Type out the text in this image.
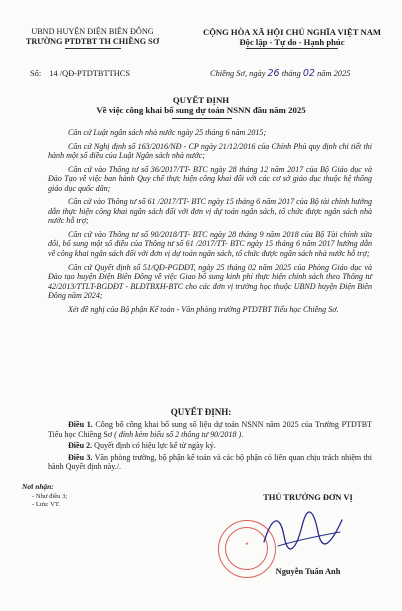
UBND HUYỆN ĐIỆN BIÊN ĐÔNG
TRƯỜNG PTDTBT TH CHIỀNG SƠ
Số: 14 /QĐ-PTDTBTTHCS
CỘNG HÒA XÃ HỘI CHỦ NGHĨA VIỆT NAM
Độc lập - Tự do - Hạnh phúc
Chiềng Sơ, ngày 26 tháng 02 năm 2025
QUYẾT ĐỊNH
Về việc công khai bổ sung dự toán NSNN đầu năm 2025

Căn cứ Luật ngân sách nhà nước ngày 25 tháng 6 năm 2015;

Căn cứ Nghị định số 163/2016/NĐ - CP ngày 21/12/2016 của Chính Phủ quy định chi tiết thi hành một số điều của Luật Ngân sách nhà nước;

Căn cứ vào Thông tư số 36/2017/TT- BTC ngày 28 tháng 12 năm 2017 của Bộ Giáo dục và Đào Tạo về việc ban hành Quy chế thực hiện công khai đối với các cơ sở giáo dục thuộc hệ thống giáo dục quốc dân;

Căn cứ vào Thông tư số 61 /2017/TT- BTC ngày 15 tháng 6 năm 2017 của Bộ tài chính hướng dẫn thực hiện công khai ngân sách đối với đơn vị dự toán ngân sách, tổ chức được ngân sách nhà nước hỗ trợ;

Căn cứ vào Thông tư số 90/2018/TT- BTC ngày 28 tháng 9 năm 2018 của Bộ Tài chính sửa đổi, bổ sung một số điều của Thông tư số 61 /2017/TT- BTC ngày 15 tháng 6 năm 2017 hướng dẫn về công khai ngân sách đối với đơn vị dự toán ngân sách, tổ chức được ngân sách nhà nước hỗ trợ;

Căn cứ Quyết định số 51/QĐ-PGDĐT, ngày 25 tháng 02 năm 2025 của Phòng Giáo dục và Đào tạo huyện Điện Biên Đông về việc Giao bổ sung kinh phí thực hiện chính sách theo Thông tư 42/2013/TTLT-BGDĐT - BLĐTBXH-BTC cho các đơn vị trường học thuộc UBND huyện Điện Biên Đông năm 2024;

Xét đề nghị của Bộ phận Kế toán - Văn phòng trường PTDTBT Tiểu học Chiềng Sơ.

QUYẾT ĐỊNH:

Điều 1. Công bố công khai bổ sung số liệu dự toán NSNN năm 2025 của Trường PTDTBT Tiểu học Chiềng Sơ ( đính kèm biểu số 2 thông tư 90/2018 ).

Điều 2. Quyết định có hiệu lực kể từ ngày ký.

Điều 3. Văn phòng trường, bộ phận kế toán và các bộ phận có liên quan chịu trách nhiệm thi hành Quyết định này./.

Nơi nhận:
- Như điều 3;
- Lưu: VT.
THỦ TRƯỞNG ĐƠN VỊ
★
Nguyễn Tuấn Anh
